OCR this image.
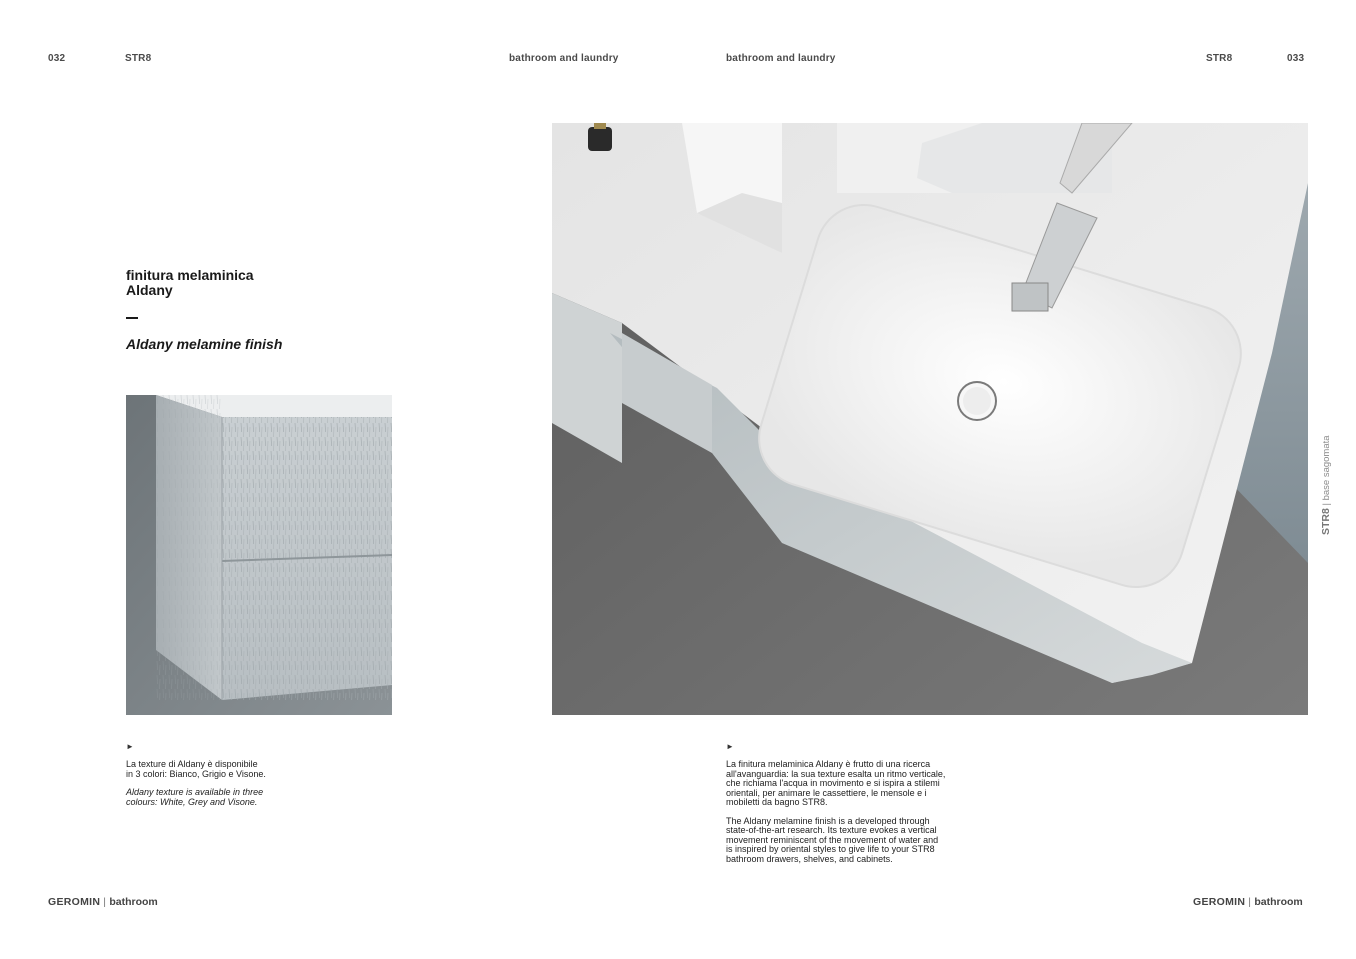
032	STR8	bathroom and laundry	bathroom and laundry	STR8	033
finitura melaminica
Aldany
Aldany melamine finish
►

La texture di Aldany è disponibile
in 3 colori: Bianco, Grigio e Visone.

Aldany texture is available in three
colours: White, Grey and Visone.

►

La finitura melaminica Aldany è frutto di una ricerca
all'avanguardia: la sua texture esalta un ritmo verticale,
che richiama l'acqua in movimento e si ispira a stilemi
orientali, per animare le cassettiere, le mensole e i
mobiletti da bagno STR8.

The Aldany melamine finish is a developed through
state-of-the-art research. Its texture evokes a vertical
movement reminiscent of the movement of water and
is inspired by oriental styles to give life to your STR8
bathroom drawers, shelves, and cabinets.

STR8 | base sagomata
GEROMIN | bathroom	GEROMIN | bathroom
